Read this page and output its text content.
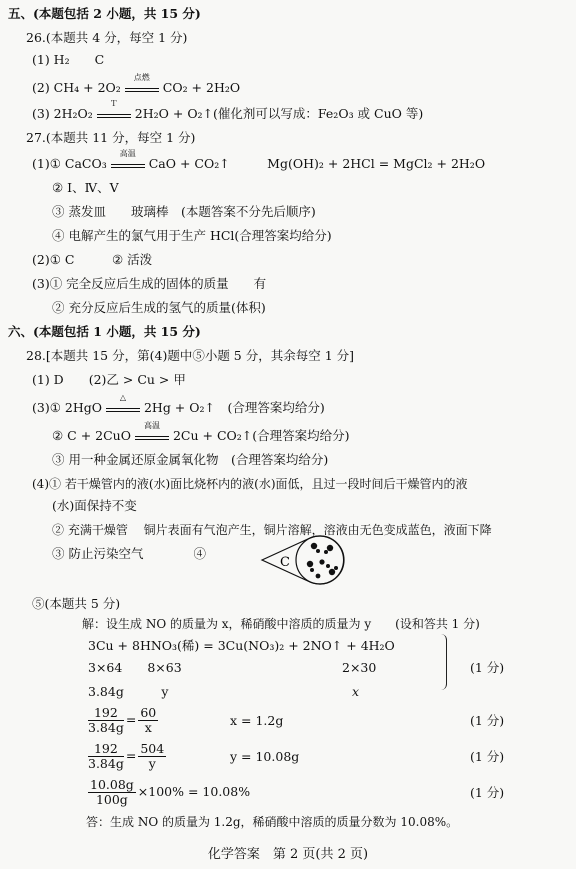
五、(本题包括 2 小题，共 15 分)
26.(本题共 4 分，每空 1 分)
(1) H₂　　C
(2) CH₄ + 2O₂
点燃
CO₂ + 2H₂O
(3) 2H₂O₂
Ｔ
2H₂O + O₂↑(催化剂可以写成：Fe₂O₃ 或 CuO 等)
27.(本题共 11 分，每空 1 分)
(1)① CaCO₃
高温
CaO + CO₂↑　　　Mg(OH)₂ + 2HCl = MgCl₂ + 2H₂O
② Ⅰ、Ⅳ、Ⅴ
③ 蒸发皿　　玻璃棒　(本题答案不分先后顺序)
④ 电解产生的氯气用于生产 HCl(合理答案均给分)
(2)① C　　　② 活泼
(3)① 完全反应后生成的固体的质量　　有
② 充分反应后生成的氢气的质量(体积)
六、(本题包括 1 小题，共 15 分)
28.[本题共 15 分，第(4)题中⑤小题 5 分，其余每空 1 分]
(1) D　　(2)乙 > Cu > 甲
(3)① 2HgO
△
2Hg + O₂↑　(合理答案均给分)
② C + 2CuO
高温
2Cu + CO₂↑(合理答案均给分)
③ 用一种金属还原金属氧化物　(合理答案均给分)
(4)① 若干燥管内的液(水)面比烧杯内的液(水)面低，且过一段时间后干燥管内的液
(水)面保持不变
② 充满干燥管　 铜片表面有气泡产生，铜片溶解，溶液由无色变成蓝色，液面下降
③ 防止污染空气　　　　④
C
⑤(本题共 5 分)
解：设生成 NO 的质量为 x，稀硝酸中溶质的质量为 y　　(设和答共 1 分)
3Cu + 8HNO₃(稀) = 3Cu(NO₃)₂ + 2NO↑ + 4H₂O
3×64　　8×63	2×30
3.84g　　　y	x
(1 分)
$\frac{192}{3.84g} = \frac{60}{x}$	x = 1.2g	(1 分)
$\frac{192}{3.84g} = \frac{504}{y}$	y = 10.08g	(1 分)
$\frac{10.08g}{100g} \times 100\% = 10.08\%$	(1 分)
答：生成 NO 的质量为 1.2g，稀硝酸中溶质的质量分数为 10.08%。
化学答案　第 2 页(共 2 页)
